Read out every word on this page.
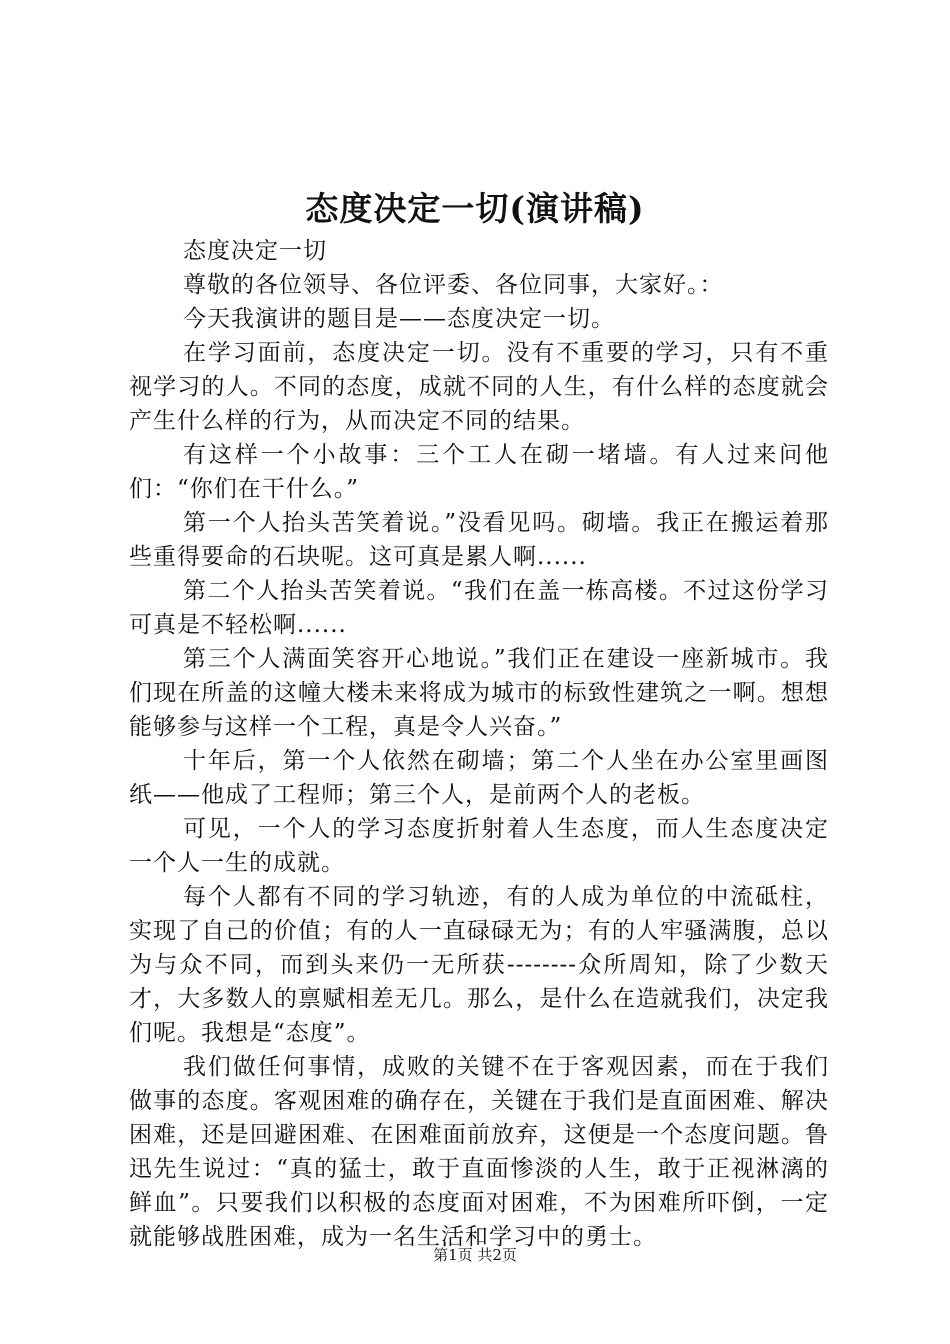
态度决定一切(演讲稿)

态度决定一切

尊敬的各位领导、各位评委、各位同事，大家好。：

今天我演讲的题目是——态度决定一切。

在学习面前，态度决定一切。没有不重要的学习，只有不重视学习的人。不同的态度，成就不同的人生，有什么样的态度就会产生什么样的行为，从而决定不同的结果。

有这样一个小故事：三个工人在砌一堵墙。有人过来问他们：“你们在干什么。”

第一个人抬头苦笑着说。”没看见吗。砌墙。我正在搬运着那些重得要命的石块呢。这可真是累人啊......

第二个人抬头苦笑着说。“我们在盖一栋高楼。不过这份学习可真是不轻松啊......

第三个人满面笑容开心地说。”我们正在建设一座新城市。我们现在所盖的这幢大楼未来将成为城市的标致性建筑之一啊。想想能够参与这样一个工程，真是令人兴奋。”

十年后，第一个人依然在砌墙；第二个人坐在办公室里画图纸——他成了工程师；第三个人，是前两个人的老板。

可见，一个人的学习态度折射着人生态度，而人生态度决定一个人一生的成就。

每个人都有不同的学习轨迹，有的人成为单位的中流砥柱，实现了自己的价值；有的人一直碌碌无为；有的人牢骚满腹，总以为与众不同，而到头来仍一无所获--------众所周知，除了少数天才，大多数人的禀赋相差无几。那么，是什么在造就我们，决定我们呢。我想是“态度”。

我们做任何事情，成败的关键不在于客观因素，而在于我们做事的态度。客观困难的确存在，关键在于我们是直面困难、解决困难，还是回避困难、在困难面前放弃，这便是一个态度问题。鲁迅先生说过：“真的猛士，敢于直面惨淡的人生，敢于正视淋漓的鲜血”。只要我们以积极的态度面对困难，不为困难所吓倒，一定就能够战胜困难，成为一名生活和学习中的勇士。

第1页 共2页
